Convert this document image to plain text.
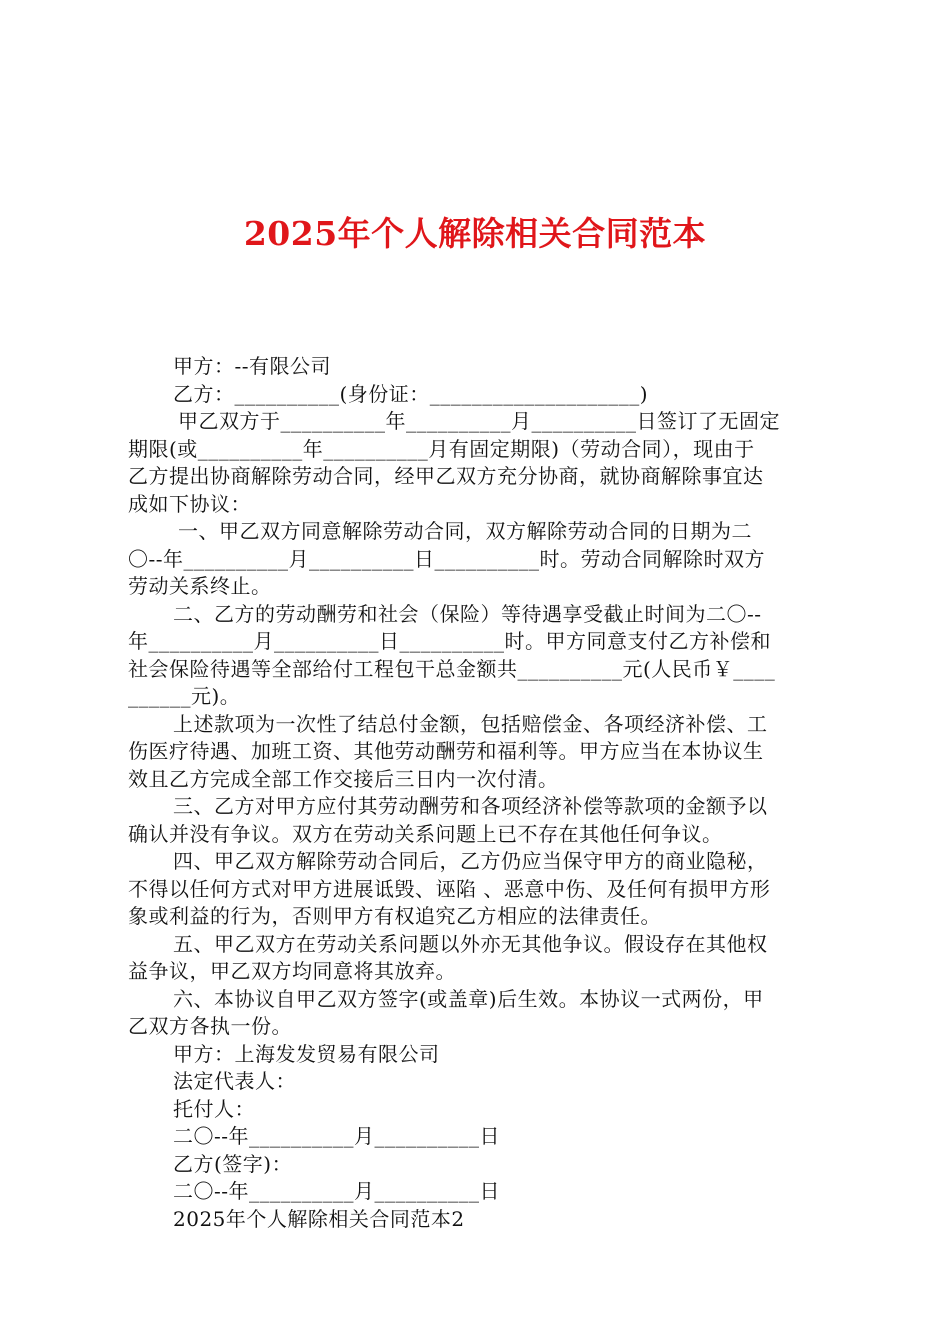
2025年个人解除相关合同范本
甲方：--有限公司
乙方：__________(身份证：____________________)
甲乙双方于__________年__________月__________日签订了无固定
期限(或__________年__________月有固定期限)（劳动合同），现由于
乙方提出协商解除劳动合同，经甲乙双方充分协商，就协商解除事宜达
成如下协议：
一、甲乙双方同意解除劳动合同，双方解除劳动合同的日期为二
〇--年__________月__________日__________时。劳动合同解除时双方
劳动关系终止。
二、乙方的劳动酬劳和社会（保险）等待遇享受截止时间为二〇--
年__________月__________日__________时。甲方同意支付乙方补偿和
社会保险待遇等全部给付工程包干总金额共__________元(人民币￥____
______元)。
上述款项为一次性了结总付金额，包括赔偿金、各项经济补偿、工
伤医疗待遇、加班工资、其他劳动酬劳和福利等。甲方应当在本协议生
效且乙方完成全部工作交接后三日内一次付清。
三、乙方对甲方应付其劳动酬劳和各项经济补偿等款项的金额予以
确认并没有争议。双方在劳动关系问题上已不存在其他任何争议。
四、甲乙双方解除劳动合同后，乙方仍应当保守甲方的商业隐秘，
不得以任何方式对甲方进展诋毁、诬陷 、恶意中伤、及任何有损甲方形
象或利益的行为，否则甲方有权追究乙方相应的法律责任。
五、甲乙双方在劳动关系问题以外亦无其他争议。假设存在其他权
益争议，甲乙双方均同意将其放弃。
六、本协议自甲乙双方签字(或盖章)后生效。本协议一式两份，甲
乙双方各执一份。
甲方：上海发发贸易有限公司
法定代表人：
托付人：
二〇--年__________月__________日
乙方(签字)：
二〇--年__________月__________日
2025年个人解除相关合同范本2
